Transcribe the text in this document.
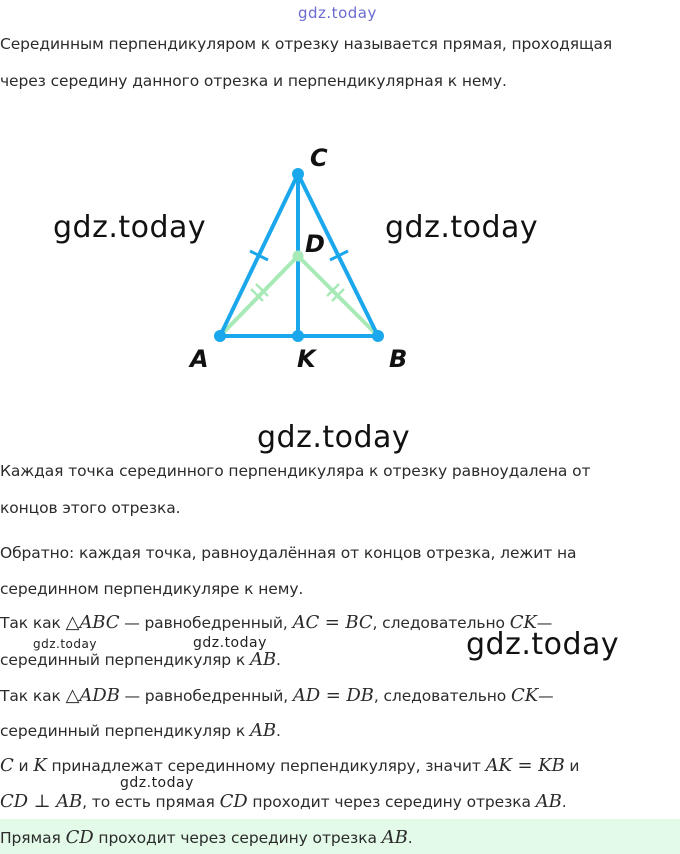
gdz.today
Серединным перпендикуляром к отрезку называется прямая, проходящая
через середину данного отрезка и перпендикулярная к нему.
C
D
A	K	B
gdz.today	gdz.today
gdz.today
Каждая точка серединного перпендикуляра к отрезку равноудалена от
концов этого отрезка.
Обратно: каждая точка, равноудалённая от концов отрезка, лежит на
серединном перпендикуляре к нему.
Так как △ABC — равнобедренный, AC = BC, следовательно CK—
gdz.today	gdz.today	gdz.today
серединный перпендикуляр к AB.
Так как △ADB — равнобедренный, AD = DB, следовательно CK—
серединный перпендикуляр к AB.
C и K принадлежат серединному перпендикуляру, значит AK = KB и
gdz.today
CD ⊥ AB, то есть прямая CD проходит через середину отрезка AB.
Прямая CD проходит через середину отрезка AB.
